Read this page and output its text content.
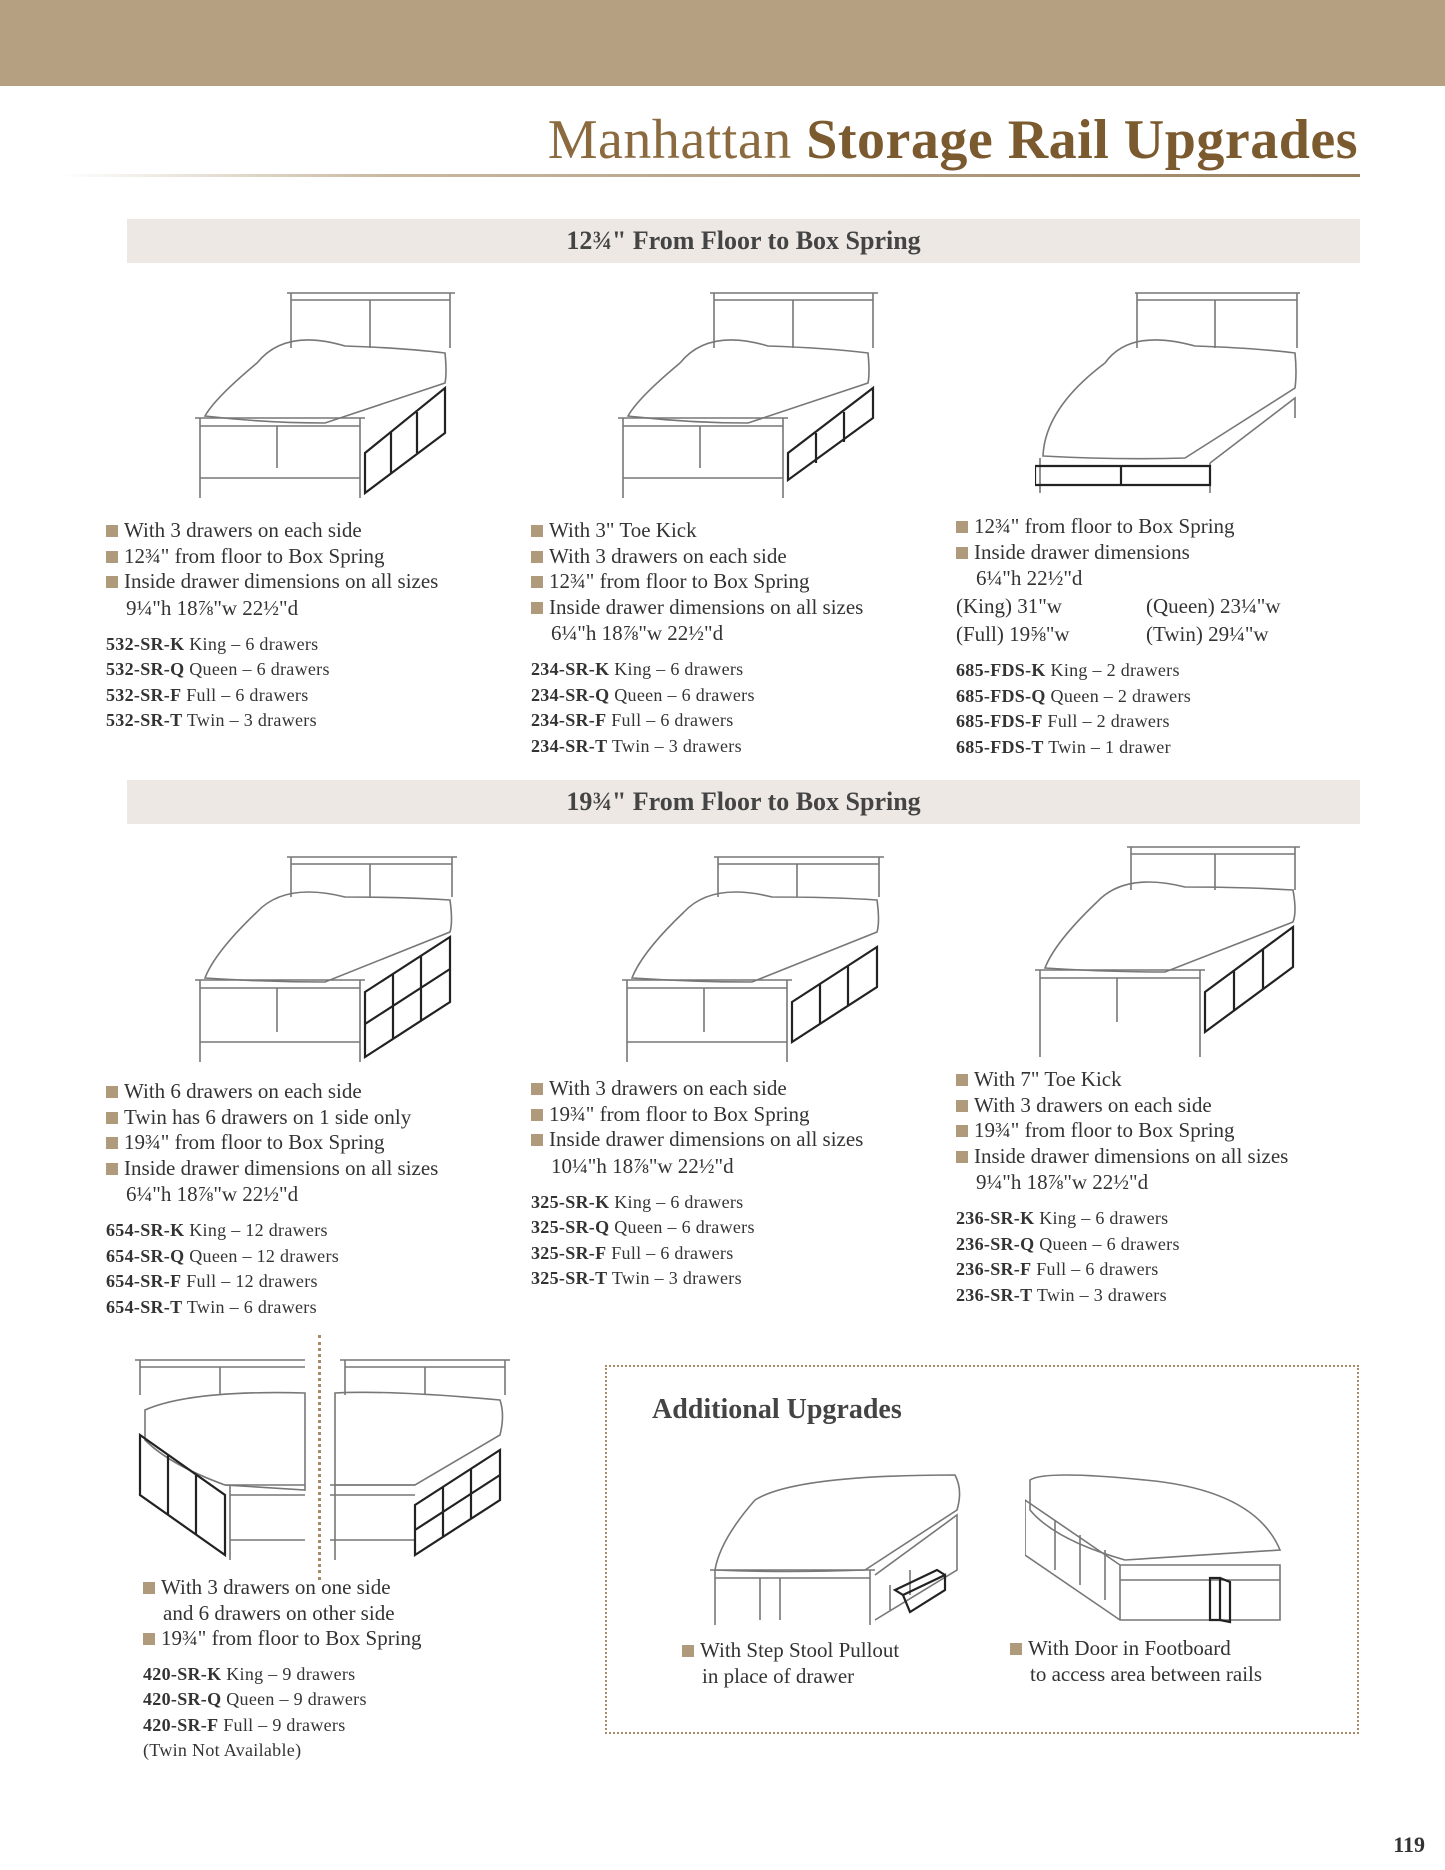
Manhattan Storage Rail Upgrades
12¾" From Floor to Box Spring
With 3 drawers on each side
12¾" from floor to Box Spring
Inside drawer dimensions on all sizes
9¼"h 18⅞"w 22½"d
532-SR-K King – 6 drawers
532-SR-Q Queen – 6 drawers
532-SR-F Full – 6 drawers
532-SR-T Twin – 3 drawers
With 3" Toe Kick
With 3 drawers on each side
12¾" from floor to Box Spring
Inside drawer dimensions on all sizes
6¼"h 18⅞"w 22½"d
234-SR-K King – 6 drawers
234-SR-Q Queen – 6 drawers
234-SR-F Full – 6 drawers
234-SR-T Twin – 3 drawers
12¾" from floor to Box Spring
Inside drawer dimensions
6¼"h 22½"d
(King) 31"w	(Queen) 23¼"w
(Full) 19⅝"w	(Twin) 29¼"w
685-FDS-K King – 2 drawers
685-FDS-Q Queen – 2 drawers
685-FDS-F Full – 2 drawers
685-FDS-T Twin – 1 drawer
19¾" From Floor to Box Spring
With 6 drawers on each side
Twin has 6 drawers on 1 side only
19¾" from floor to Box Spring
Inside drawer dimensions on all sizes
6¼"h 18⅞"w 22½"d
654-SR-K King – 12 drawers
654-SR-Q Queen – 12 drawers
654-SR-F Full – 12 drawers
654-SR-T Twin – 6 drawers
With 3 drawers on each side
19¾" from floor to Box Spring
Inside drawer dimensions on all sizes
10¼"h 18⅞"w 22½"d
325-SR-K King – 6 drawers
325-SR-Q Queen – 6 drawers
325-SR-F Full – 6 drawers
325-SR-T Twin – 3 drawers
With 7" Toe Kick
With 3 drawers on each side
19¾" from floor to Box Spring
Inside drawer dimensions on all sizes
9¼"h 18⅞"w 22½"d
236-SR-K King – 6 drawers
236-SR-Q Queen – 6 drawers
236-SR-F Full – 6 drawers
236-SR-T Twin – 3 drawers
With 3 drawers on one side
and 6 drawers on other side
19¾" from floor to Box Spring
420-SR-K King – 9 drawers
420-SR-Q Queen – 9 drawers
420-SR-F Full – 9 drawers
(Twin Not Available)
Additional Upgrades
With Step Stool Pullout
in place of drawer
With Door in Footboard
to access area between rails
119
